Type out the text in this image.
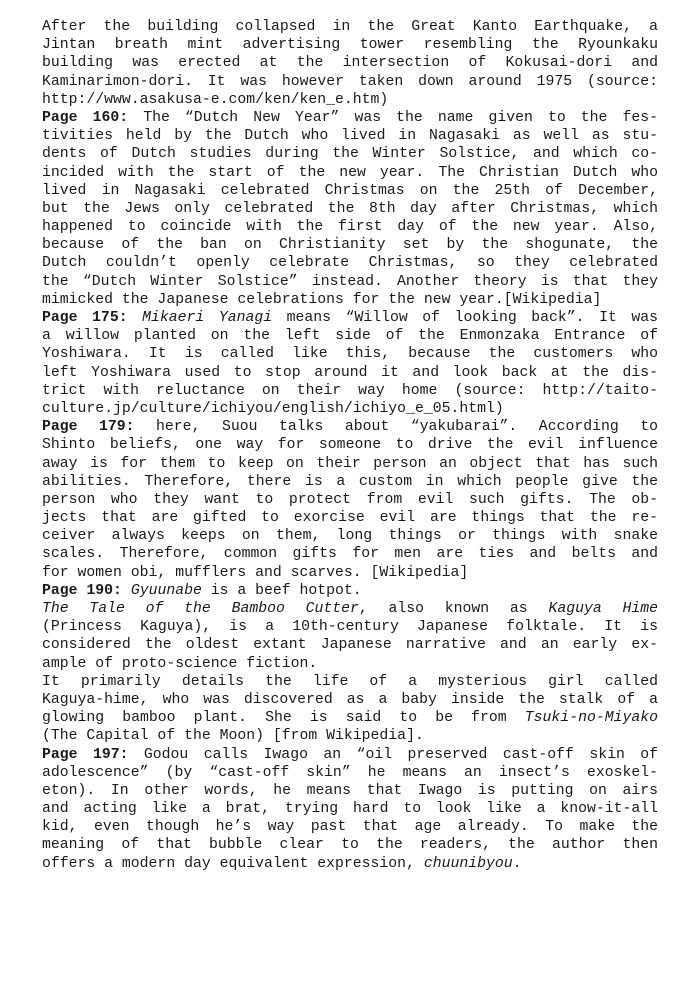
After the building collapsed in the Great Kanto Earthquake, a
Jintan breath mint advertising tower resembling the Ryounkaku
building was erected at the intersection of Kokusai-dori and
Kaminarimon-dori. It was however taken down around 1975 (source:
http://www.asakusa-e.com/ken/ken_e.htm)
Page 160: The “Dutch New Year” was the name given to the fes-
tivities held by the Dutch who lived in Nagasaki as well as stu-
dents of Dutch studies during the Winter Solstice, and which co-
incided with the start of the new year. The Christian Dutch who
lived in Nagasaki celebrated Christmas on the 25th of December,
but the Jews only celebrated the 8th day after Christmas, which
happened to coincide with the first day of the new year. Also,
because of the ban on Christianity set by the shogunate, the
Dutch couldn’t openly celebrate Christmas, so they celebrated
the “Dutch Winter Solstice” instead. Another theory is that they
mimicked the Japanese celebrations for the new year.[Wikipedia]
Page 175: Mikaeri Yanagi means “Willow of looking back”. It was
a willow planted on the left side of the Enmonzaka Entrance of
Yoshiwara. It is called like this, because the customers who
left Yoshiwara used to stop around it and look back at the dis-
trict with reluctance on their way home (source: http://taito-
culture.jp/culture/ichiyou/english/ichiyo_e_05.html)
Page 179: here, Suou talks about “yakubarai”. According to
Shinto beliefs, one way for someone to drive the evil influence
away is for them to keep on their person an object that has such
abilities. Therefore, there is a custom in which people give the
person who they want to protect from evil such gifts. The ob-
jects that are gifted to exorcise evil are things that the re-
ceiver always keeps on them, long things or things with snake
scales. Therefore, common gifts for men are ties and belts and
for women obi, mufflers and scarves. [Wikipedia]
Page 190: Gyuunabe is a beef hotpot.
The Tale of the Bamboo Cutter, also known as Kaguya Hime
(Princess Kaguya), is a 10th-century Japanese folktale. It is
considered the oldest extant Japanese narrative and an early ex-
ample of proto-science fiction.
It primarily details the life of a mysterious girl called
Kaguya-hime, who was discovered as a baby inside the stalk of a
glowing bamboo plant. She is said to be from Tsuki-no-Miyako
(The Capital of the Moon) [from Wikipedia].
Page 197: Godou calls Iwago an “oil preserved cast-off skin of
adolescence” (by “cast-off skin” he means an insect’s exoskel-
eton). In other words, he means that Iwago is putting on airs
and acting like a brat, trying hard to look like a know-it-all
kid, even though he’s way past that age already. To make the
meaning of that bubble clear to the readers, the author then
offers a modern day equivalent expression, chuunibyou.
